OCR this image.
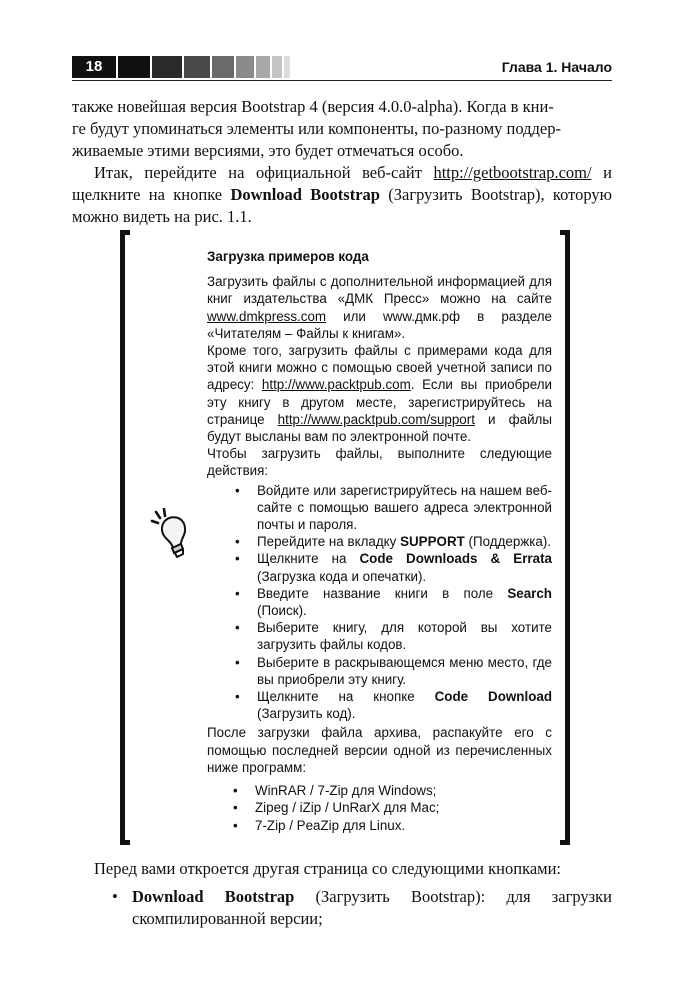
18	Глава 1. Начало

также новейшая версия Bootstrap 4 (версия 4.0.0-alpha). Когда в кни-

ге будут упоминаться элементы или компоненты, по-разному поддер-

живаемые этими версиями, это будет отмечаться особо.

Итак, перейдите на официальной веб-сайт http://getbootstrap.com/ и щелкните на кнопке Download Bootstrap (Загрузить Bootstrap), которую можно видеть на рис. 1.1.

Загрузка примеров кода

Загрузить файлы с дополнительной информацией для книг издательства «ДМК Пресс» можно на сайте www.dmkpress.com или www.дмк.рф в разделе «Читателям – Файлы к книгам».

Кроме того, загрузить файлы с примерами кода для этой книги можно с помощью своей учетной записи по адресу: http://www.packtpub.com. Если вы приобрели эту книгу в другом месте, зарегистрируйтесь на странице http://www.packtpub.com/support и файлы будут высланы вам по электронной почте.

Чтобы загрузить файлы, выполните следующие действия:

• Войдите или зарегистрируйтесь на нашем веб-сайте с помощью вашего адреса электронной почты и пароля.
• Перейдите на вкладку SUPPORT (Поддержка).
• Щелкните на Code Downloads & Errata (Загрузка кода и опечатки).
• Введите название книги в поле Search (Поиск).
• Выберите книгу, для которой вы хотите загрузить файлы кодов.
• Выберите в раскрывающемся меню место, где вы приобрели эту книгу.
• Щелкните на кнопке Code Download (Загрузить код).

После загрузки файла архива, распакуйте его с помощью последней версии одной из перечисленных ниже программ:

• WinRAR / 7-Zip для Windows;
• Zipeg / iZip / UnRarX для Mac;
• 7-Zip / PeaZip для Linux.

Перед вами откроется другая страница со следующими кнопками:

• Download Bootstrap (Загрузить Bootstrap): для загрузки скомпилированной версии;
